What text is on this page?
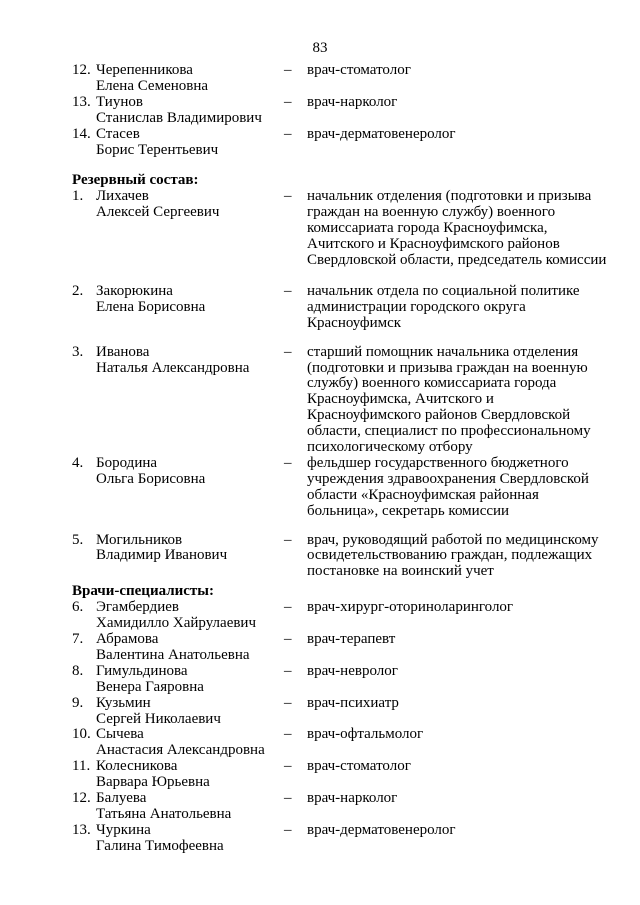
83
12. Черепенникова
Елена Семеновна
–	врач-стоматолог
13. Тиунов
Станислав Владимирович
–	врач-нарколог
14. Стасев
Борис Терентьевич
–	врач-дерматовенеролог
Резервный состав:
1. Лихачев
Алексей Сергеевич
–	начальник отделения (подготовки и призыва
граждан на военную службу) военного
комиссариата города Красноуфимска,
Ачитского и Красноуфимского районов
Свердловской области, председатель комиссии
2. Закорюкина
Елена Борисовна
–	начальник отдела по социальной политике
администрации городского округа
Красноуфимск
3. Иванова
Наталья Александровна
–	старший помощник начальника отделения
(подготовки и призыва граждан на военную
службу) военного комиссариата города
Красноуфимска, Ачитского и
Красноуфимского районов Свердловской
области, специалист по профессиональному
психологическому отбору
4. Бородина
Ольга Борисовна
–	фельдшер государственного бюджетного
учреждения здравоохранения Свердловской
области «Красноуфимская районная
больница», секретарь комиссии
5. Могильников
Владимир Иванович
–	врач, руководящий работой по медицинскому
освидетельствованию граждан, подлежащих
постановке на воинский учет
Врачи-специалисты:
6. Эгамбердиев
Хамидилло Хайрулаевич
–	врач-хирург-оториноларинголог
7. Абрамова
Валентина Анатольевна
–	врач-терапевт
8. Гимульдинова
Венера Гаяровна
–	врач-невролог
9. Кузьмин
Сергей Николаевич
–	врач-психиатр
10. Сычева
Анастасия Александровна
–	врач-офтальмолог
11. Колесникова
Варвара Юрьевна
–	врач-стоматолог
12. Балуева
Татьяна Анатольевна
–	врач-нарколог
13. Чуркина
Галина Тимофеевна
–	врач-дерматовенеролог
